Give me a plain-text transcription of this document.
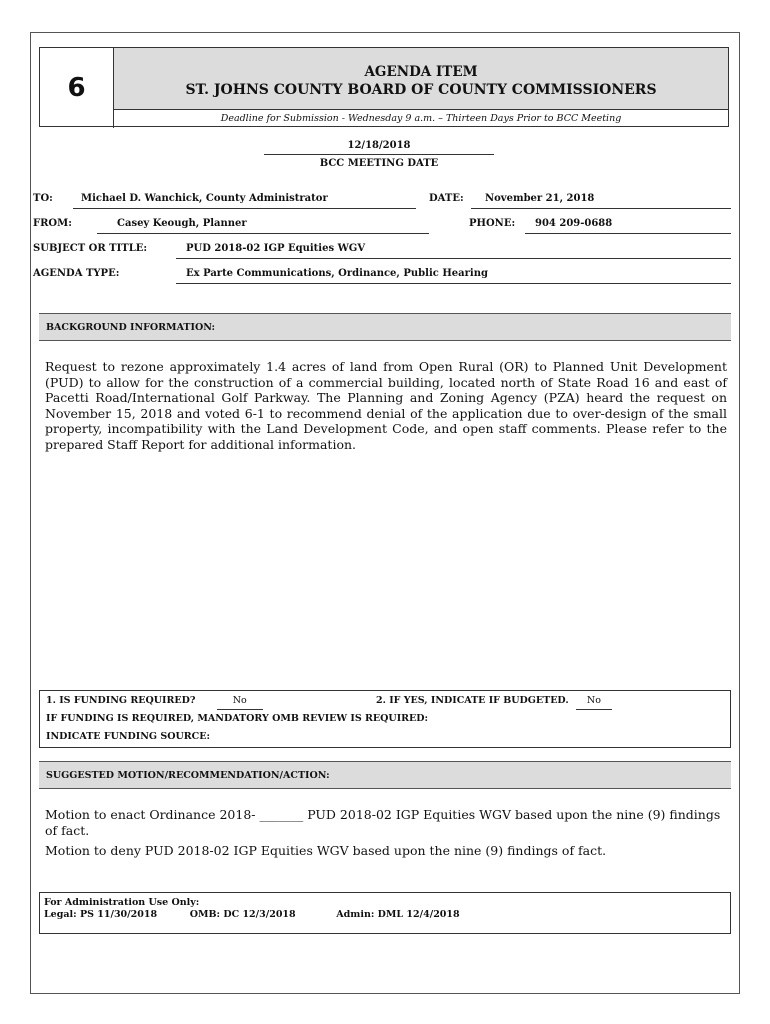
6
AGENDA ITEM
ST. JOHNS COUNTY BOARD OF COUNTY COMMISSIONERS
Deadline for Submission - Wednesday 9 a.m. – Thirteen Days Prior to BCC Meeting
12/18/2018
BCC MEETING DATE
TO:	Michael D. Wanchick, County Administrator	DATE:	November 21, 2018
FROM:	Casey Keough, Planner	PHONE:	904 209-0688
SUBJECT OR TITLE:	PUD 2018-02 IGP Equities WGV
AGENDA TYPE:	Ex Parte Communications, Ordinance, Public Hearing
BACKGROUND INFORMATION:
Request to rezone approximately 1.4 acres of land from Open Rural (OR) to Planned Unit Development (PUD) to allow for the construction of a commercial building, located north of State Road 16 and east of Pacetti Road/International Golf Parkway. The Planning and Zoning Agency (PZA) heard the request on November 15, 2018 and voted 6-1 to recommend denial of the application due to over-design of the small property, incompatibility with the Land Development Code, and open staff comments. Please refer to the prepared Staff Report for additional information.
1. IS FUNDING REQUIRED?	No	2. IF YES, INDICATE IF BUDGETED. No
IF FUNDING IS REQUIRED, MANDATORY OMB REVIEW IS REQUIRED:
INDICATE FUNDING SOURCE:
SUGGESTED MOTION/RECOMMENDATION/ACTION:
Motion to enact Ordinance 2018- _______ PUD 2018-02 IGP Equities WGV based upon the nine (9) findings of fact.
Motion to deny PUD 2018-02 IGP Equities WGV based upon the nine (9) findings of fact.
For Administration Use Only:
Legal: PS 11/30/2018	OMB: DC 12/3/2018	Admin: DML 12/4/2018
